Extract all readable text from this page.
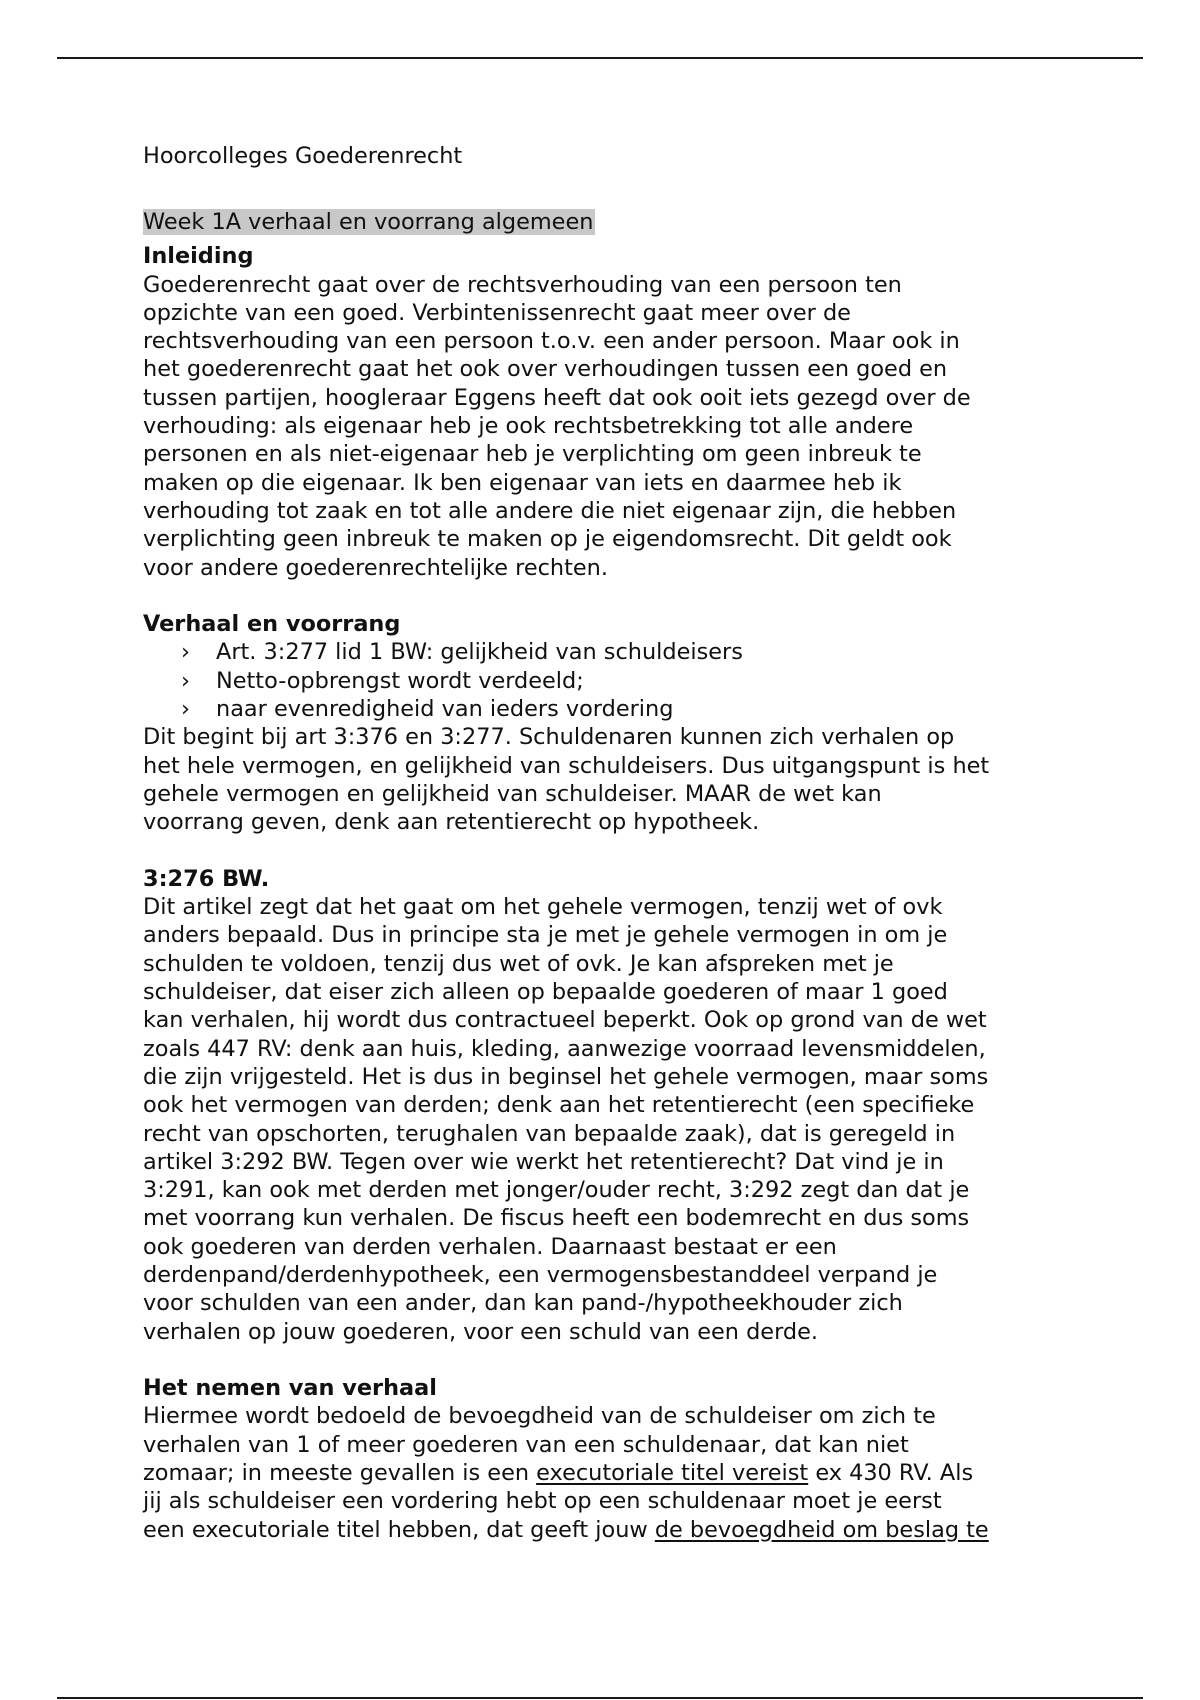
Hoorcolleges Goederenrecht
Week 1A verhaal en voorrang algemeen
Inleiding
Goederenrecht gaat over de rechtsverhouding van een persoon ten
opzichte van een goed. Verbintenissenrecht gaat meer over de
rechtsverhouding van een persoon t.o.v. een ander persoon. Maar ook in
het goederenrecht gaat het ook over verhoudingen tussen een goed en
tussen partijen, hoogleraar Eggens heeft dat ook ooit iets gezegd over de
verhouding: als eigenaar heb je ook rechtsbetrekking tot alle andere
personen en als niet-eigenaar heb je verplichting om geen inbreuk te
maken op die eigenaar. Ik ben eigenaar van iets en daarmee heb ik
verhouding tot zaak en tot alle andere die niet eigenaar zijn, die hebben
verplichting geen inbreuk te maken op je eigendomsrecht. Dit geldt ook
voor andere goederenrechtelijke rechten.
Verhaal en voorrang
› Art. 3:277 lid 1 BW: gelijkheid van schuldeisers
› Netto-opbrengst wordt verdeeld;
› naar evenredigheid van ieders vordering
Dit begint bij art 3:376 en 3:277. Schuldenaren kunnen zich verhalen op
het hele vermogen, en gelijkheid van schuldeisers. Dus uitgangspunt is het
gehele vermogen en gelijkheid van schuldeiser. MAAR de wet kan
voorrang geven, denk aan retentierecht op hypotheek.
3:276 BW.
Dit artikel zegt dat het gaat om het gehele vermogen, tenzij wet of ovk
anders bepaald. Dus in principe sta je met je gehele vermogen in om je
schulden te voldoen, tenzij dus wet of ovk. Je kan afspreken met je
schuldeiser, dat eiser zich alleen op bepaalde goederen of maar 1 goed
kan verhalen, hij wordt dus contractueel beperkt. Ook op grond van de wet
zoals 447 RV: denk aan huis, kleding, aanwezige voorraad levensmiddelen,
die zijn vrijgesteld. Het is dus in beginsel het gehele vermogen, maar soms
ook het vermogen van derden; denk aan het retentierecht (een specifieke
recht van opschorten, terughalen van bepaalde zaak), dat is geregeld in
artikel 3:292 BW. Tegen over wie werkt het retentierecht? Dat vind je in
3:291, kan ook met derden met jonger/ouder recht, 3:292 zegt dan dat je
met voorrang kun verhalen. De fiscus heeft een bodemrecht en dus soms
ook goederen van derden verhalen. Daarnaast bestaat er een
derdenpand/derdenhypotheek, een vermogensbestanddeel verpand je
voor schulden van een ander, dan kan pand-/hypotheekhouder zich
verhalen op jouw goederen, voor een schuld van een derde.
Het nemen van verhaal
Hiermee wordt bedoeld de bevoegdheid van de schuldeiser om zich te
verhalen van 1 of meer goederen van een schuldenaar, dat kan niet
zomaar; in meeste gevallen is een executoriale titel vereist ex 430 RV. Als
jij als schuldeiser een vordering hebt op een schuldenaar moet je eerst
een executoriale titel hebben, dat geeft jouw de bevoegdheid om beslag te
